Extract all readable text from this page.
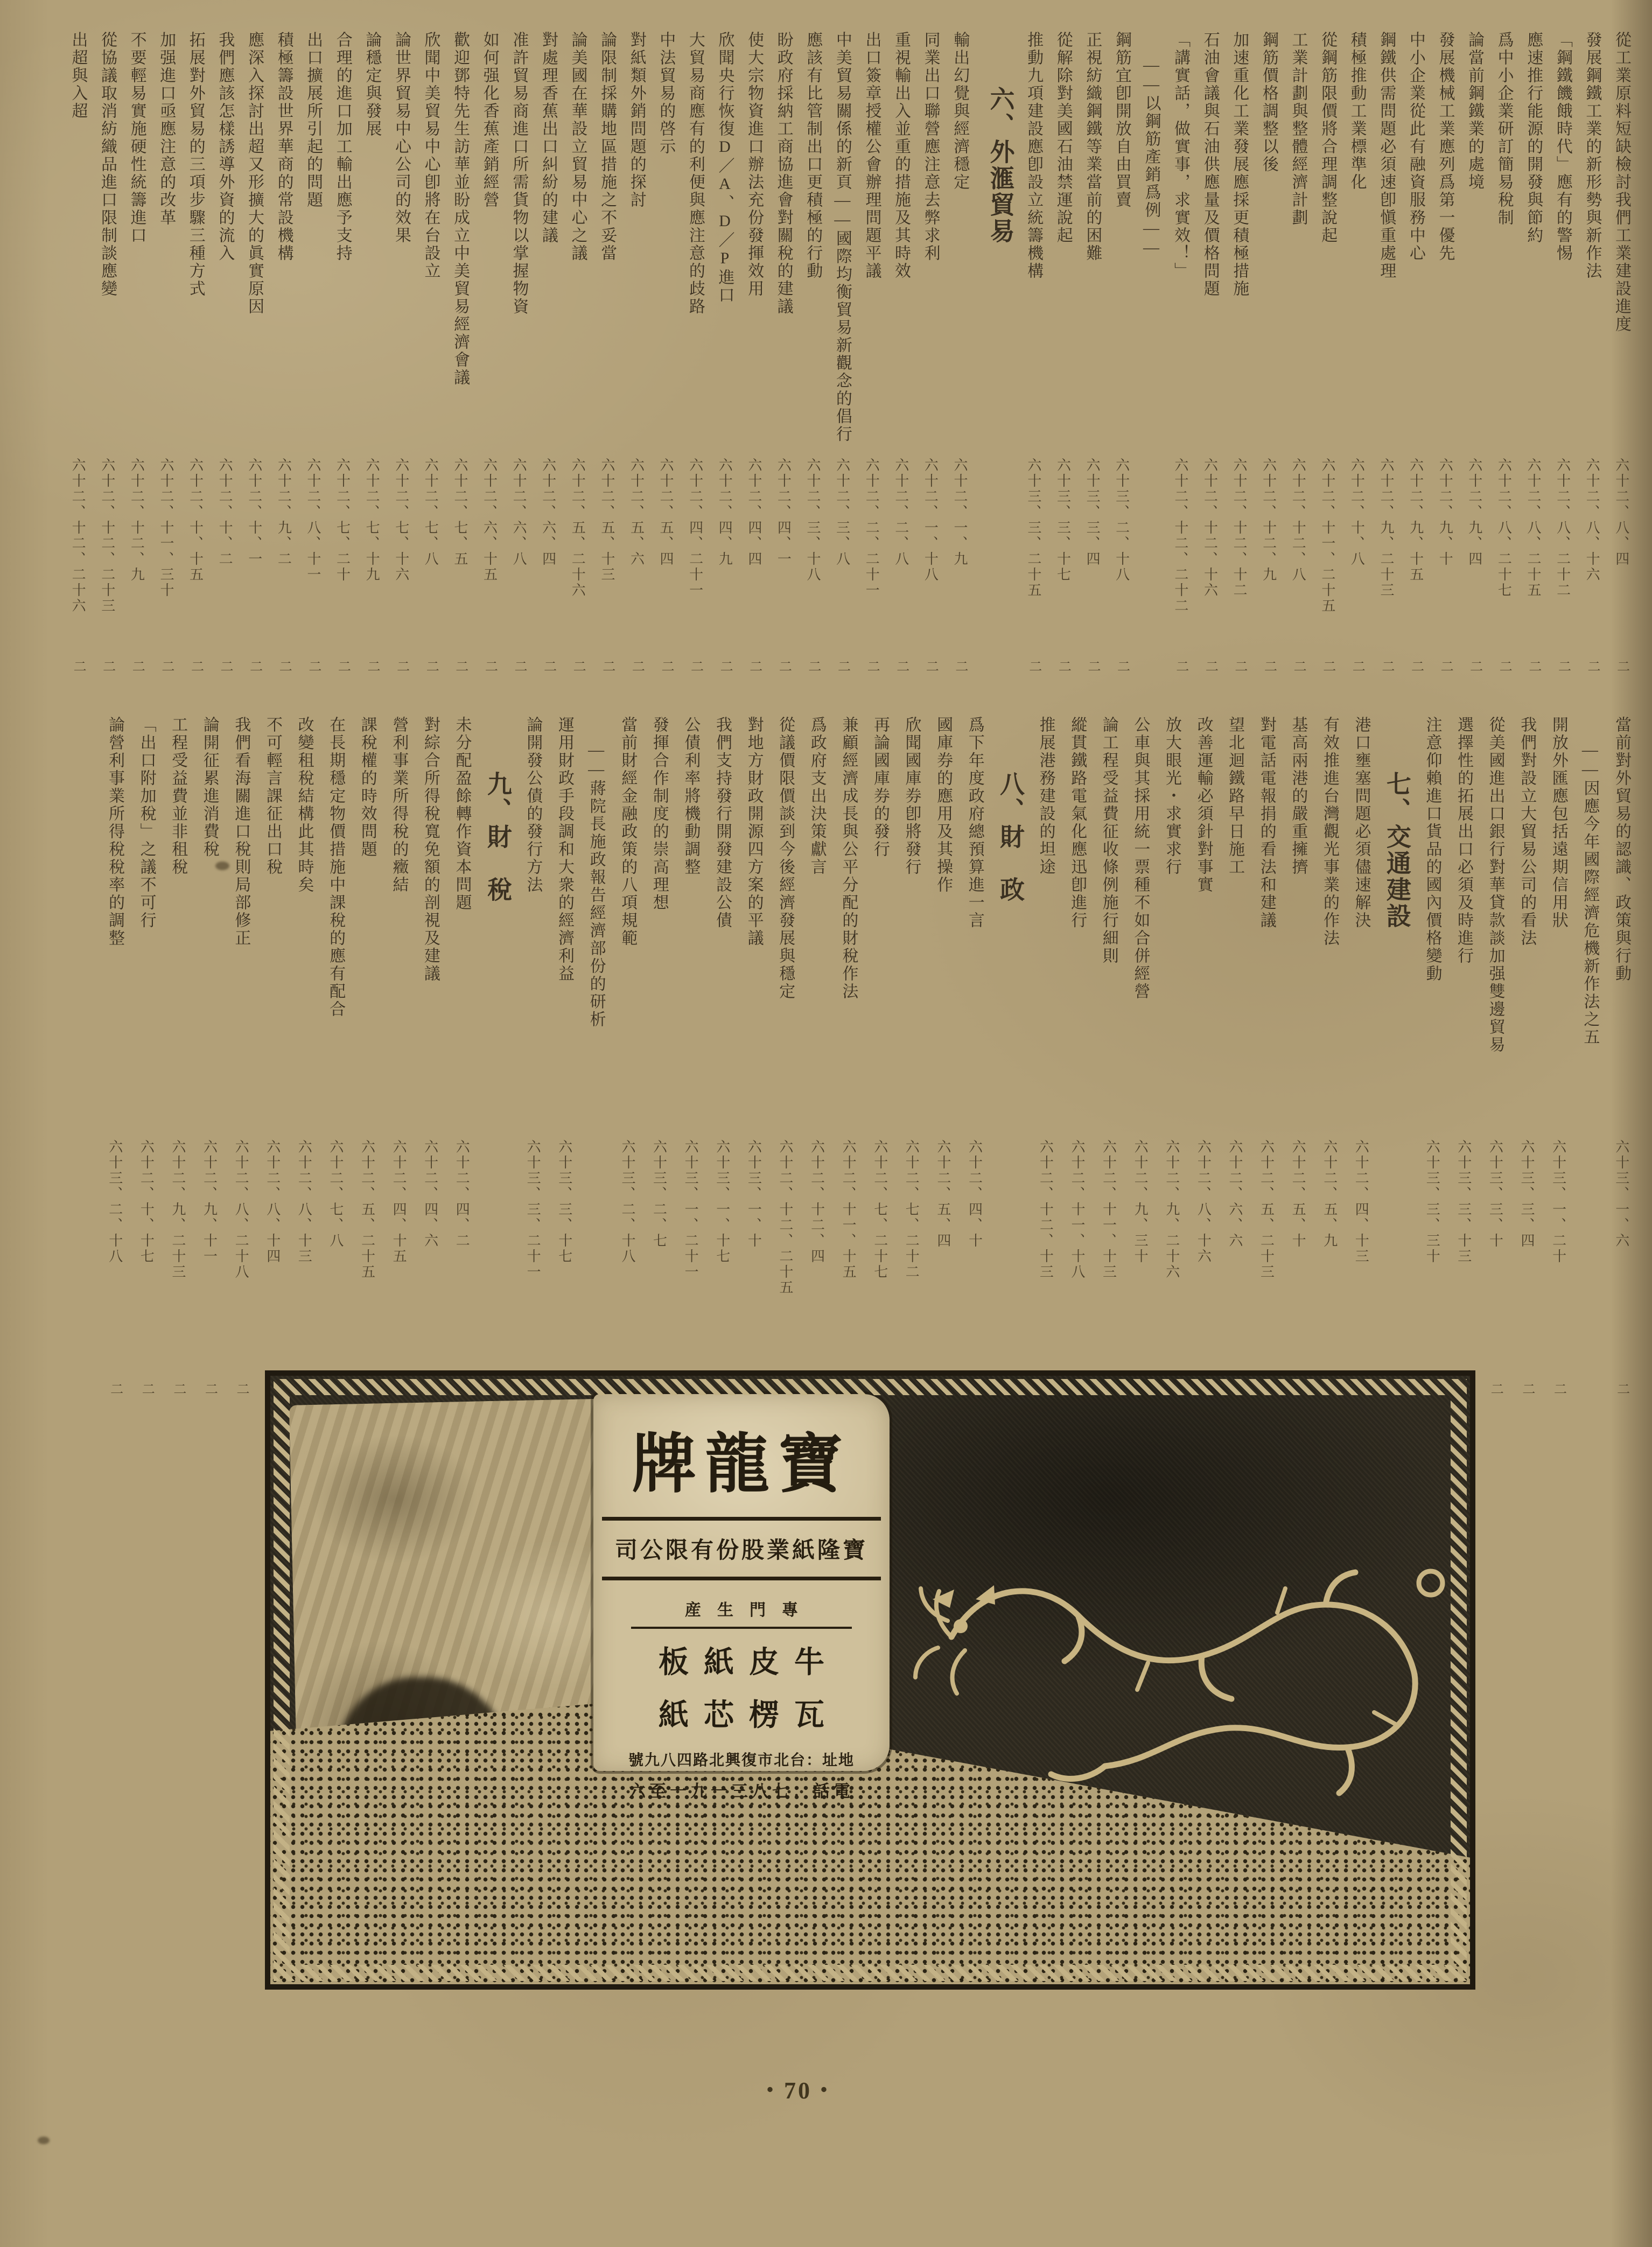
從工業原料短缺檢討我們工業建設進度
六十二、八、四
二
發展鋼鐵工業的新形勢與新作法
六十二、八、十六
二
「鋼鐵饑餓時代」應有的警惕
六十二、八、二十二
二
應速推行能源的開發與節約
六十二、八、二十五
二
爲中小企業研訂簡易稅制
六十二、八、二十七
二
論當前鋼鐵業的處境
六十二、九、四
二
發展機械工業應列爲第一優先
六十二、九、十
二
中小企業從此有融資服務中心
六十二、九、十五
二
鋼鐵供需問題必須速卽愼重處理
六十二、九、二十三
二
積極推動工業標準化
六十二、十、八
二
從鋼筋限價將合理調整說起
六十二、十一、二十五
二
工業計劃與整體經濟計劃
六十二、十二、八
二
鋼筋價格調整以後
六十二、十二、九
二
加速重化工業發展應採更積極措施
六十二、十二、十二
二
石油會議與石油供應量及價格問題
六十二、十二、十六
二
「講實話，做實事，求實效！」
六十二、十二、二十二
二
——以鋼筋產銷爲例——
鋼筋宜卽開放自由買賣
六十三、二、十八
二
正視紡織鋼鐵等業當前的困難
六十三、三、四
二
從解除對美國石油禁運說起
六十三、三、十七
二
推動九項建設應卽設立統籌機構
六十三、三、二十五
二
六、外滙貿易
輸出幻覺與經濟穩定
六十二、一、九
二
同業出口聯營應注意去弊求利
六十二、一、十八
二
重視輸出入並重的措施及其時效
六十二、二、八
二
出口簽章授權公會辦理問題平議
六十二、二、二十一
二
中美貿易關係的新頁——國際均衡貿易新觀念的倡行
六十二、三、八
二
應該有比管制出口更積極的行動
六十二、三、十八
二
盼政府採納工商協進會對關稅的建議
六十二、四、一
二
使大宗物資進口辦法充份發揮效用
六十二、四、四
二
欣聞央行恢復D／A、D／P進口
六十二、四、九
二
大貿易商應有的利便與應注意的歧路
六十二、四、二十一
二
中法貿易的啓示
六十二、五、四
二
對紙類外銷問題的探討
六十二、五、六
二
論限制採購地區措施之不妥當
六十二、五、十三
二
論美國在華設立貿易中心之議
六十二、五、二十六
二
對處理香蕉出口糾紛的建議
六十二、六、四
二
准許貿易商進口所需貨物以掌握物資
六十二、六、八
二
如何强化香蕉產銷經營
六十二、六、十五
二
歡迎鄧特先生訪華並盼成立中美貿易經濟會議
六十二、七、五
二
欣聞中美貿易中心卽將在台設立
六十二、七、八
二
論世界貿易中心公司的效果
六十二、七、十六
二
論穩定與發展
六十二、七、十九
二
合理的進口加工輸出應予支持
六十二、七、二十
二
出口擴展所引起的問題
六十二、八、十一
二
積極籌設世界華商的常設機構
六十二、九、二
二
應深入探討出超又形擴大的眞實原因
六十二、十、一
二
我們應該怎樣誘導外資的流入
六十二、十、二
二
拓展對外貿易的三項步驟三種方式
六十二、十、十五
二
加强進口亟應注意的改革
六十二、十一、三十
二
不要輕易實施硬性統籌進口
六十二、十二、九
二
從協議取消紡織品進口限制談應變
六十二、十二、二十三
二
出超與入超
六十二、十二、二十六
二
當前對外貿易的認識、政策與行動
六十三、一、六
二
——因應今年國際經濟危機新作法之五
開放外匯應包括遠期信用狀
六十三、一、二十
二
我們對設立大貿易公司的看法
六十三、三、四
二
從美國進出口銀行對華貸款談加强雙邊貿易
六十三、三、十
二
選擇性的拓展出口必須及時進行
六十三、三、十三
注意仰賴進口貨品的國內價格變動
六十三、三、三十
七、交通建設
港口壅塞問題必須儘速解決
六十二、四、十三
有效推進台灣觀光事業的作法
六十二、五、九
基高兩港的嚴重擁擠
六十二、五、十
對電話電報捐的看法和建議
六十二、五、二十三
望北迴鐵路早日施工
六十二、六、六
改善運輸必須針對事實
六十二、八、十六
放大眼光・求實求行
六十二、九、二十六
公車與其採用統一票種不如合併經營
六十二、九、三十
論工程受益費征收條例施行細則
六十二、十一、十三
縱貫鐵路電氣化應迅卽進行
六十二、十一、十八
推展港務建設的坦途
六十二、十二、十三
八、財　政
爲下年度政府總預算進一言
六十二、四、十
國庫券的應用及其操作
六十二、五、四
欣聞國庫券卽將發行
六十二、七、二十二
再論國庫券的發行
六十二、七、二十七
兼顧經濟成長與公平分配的財稅作法
六十二、十一、十五
爲政府支出決策獻言
六十二、十二、四
從議價限價談到今後經濟發展與穩定
六十二、十二、二十五
對地方財政開源四方案的平議
六十三、一、十
我們支持發行開發建設公債
六十三、一、十七
公債利率將機動調整
六十三、一、二十一
發揮合作制度的崇高理想
六十三、二、七
當前財經金融政策的八項規範
六十三、二、十八
——蔣院長施政報告經濟部份的研析
運用財政手段調和大衆的經濟利益
六十三、三、十七
論開發公債的發行方法
六十三、三、二十一
九、財　稅
未分配盈餘轉作資本問題
六十二、四、二
對綜合所得稅寬免額的剖視及建議
六十二、四、六
營利事業所得稅的癥結
六十二、四、十五
課稅權的時效問題
六十二、五、二十五
在長期穩定物價措施中課稅的應有配合
六十二、七、八
改變租稅結構此其時矣
六十二、八、十三
不可輕言課征出口稅
六十二、八、十四
我們看海關進口稅則局部修正
六十二、八、二十八
二
論開征累進消費稅
六十二、九、十一
二
工程受益費並非租稅
六十二、九、二十三
二
「出口附加稅」之議不可行
六十二、十、十七
二
論營利事業所得稅稅率的調整
六十三、二、十八
二
牌龍寶
司公限有份股業紙隆寶
産生門專
板紙皮牛
紙芯楞瓦
號九八四路北興復市北台：址地
六至一九一三八七：話電
・70・
